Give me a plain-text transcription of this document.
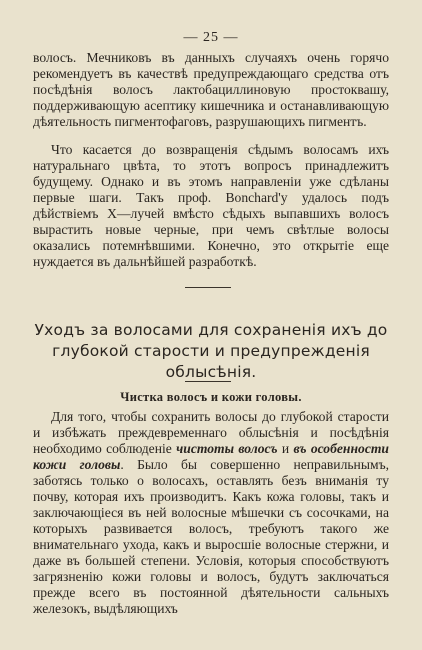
— 25 —
волосъ. Мечниковъ въ данныхъ случаяхъ очень горячо рекомендуетъ въ качествѣ предупреждающаго средства отъ посѣдѣнія волосъ лактобациллиновую простоквашу, поддерживающую асептику кишечника и останавливающую дѣятельность пигментофаговъ, разрушающихъ пигментъ.
Что касается до возвращенія сѣдымъ волосамъ ихъ натуральнаго цвѣта, то этотъ вопросъ принадлежитъ будущему. Однако и въ этомъ направленіи уже сдѣланы первые шаги. Такъ проф. Bonchard'у удалось подъ дѣйствіемъ X—лучей вмѣсто сѣдыхъ выпавшихъ волосъ вырастить новые черные, при чемъ свѣтлые волосы оказались потемнѣвшими. Конечно, это открытіе еще нуждается въ дальнѣйшей разработкѣ.
Уходъ за волосами для сохраненія ихъ до глубокой старости и предупрежденія облысѣнія.
Чистка волосъ и кожи головы.
Для того, чтобы сохранить волосы до глубокой старости и избѣжать преждевременнаго облысѣнія и посѣдѣнія необходимо соблюденіе чистоты волосъ и въ особенности кожи головы. Было бы совершенно неправильнымъ, заботясь только о волосахъ, оставлять безъ вниманія ту почву, которая ихъ производитъ. Какъ кожа головы, такъ и заключающіеся въ ней волосные мѣшечки съ сосочками, на которыхъ развивается волосъ, требуютъ такого же внимательнаго ухода, какъ и выросшіе волосные стержни, и даже въ большей степени. Условія, которыя способствуютъ загрязненію кожи головы и волосъ, будутъ заключаться прежде всего въ постоянной дѣятельности сальныхъ железокъ, выдѣляющихъ
